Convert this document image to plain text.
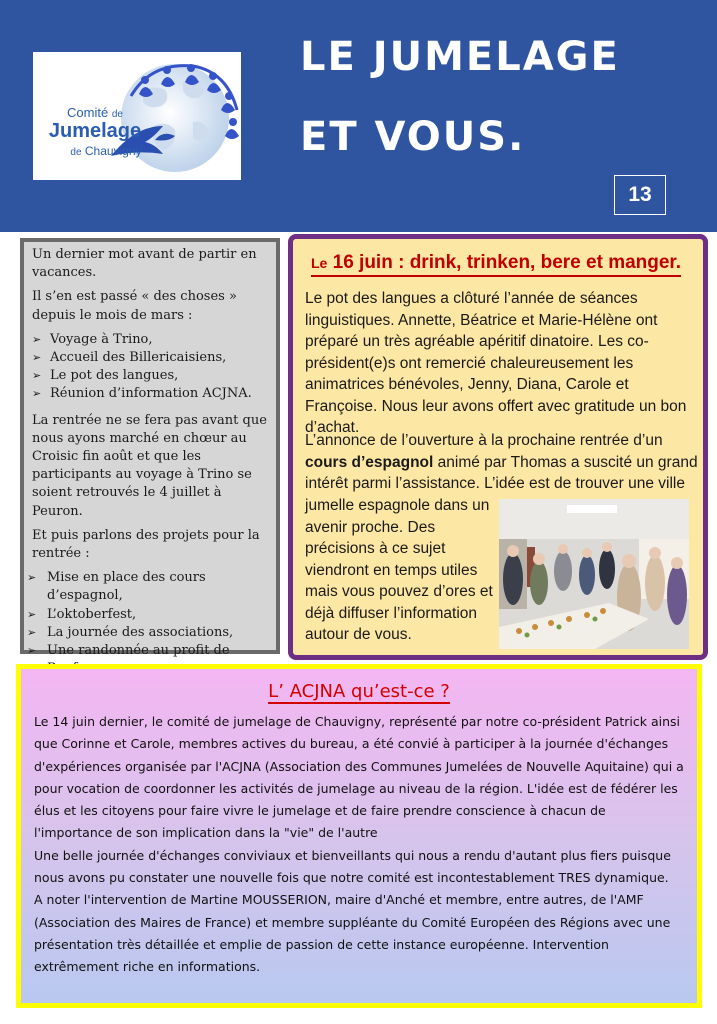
Comité de
Jumelage
de Chauvigny
LE JUMELAGE
ET VOUS.
13

Un dernier mot avant de partir en vacances.

Il s’en est passé « des choses » depuis le mois de mars :

➢ Voyage à Trino,
➢ Accueil des Billericaisiens,
➢ Le pot des langues,
➢ Réunion d’information ACJNA.

La rentrée ne se fera pas avant que nous ayons marché en chœur au Croisic fin août et que les participants au voyage à Trino se soient retrouvés le 4 juillet à Peuron.

Et puis parlons des projets pour la rentrée :

➢ Mise en place des cours d’espagnol,
➢ L’oktoberfest,
➢ La journée des associations,
➢ Une randonnée au profit de
Le 16 juin : drink, trinken, bere et manger.

Le pot des langues a clôturé l’année de séances linguistiques. Annette, Béatrice et Marie-Hélène ont préparé un très agréable apéritif dinatoire. Les co-président(e)s ont remercié chaleureusement les animatrices bénévoles, Jenny, Diana, Carole et Françoise. Nous leur avons offert avec gratitude un bon d’achat.

L’annonce de l’ouverture à la prochaine rentrée d’un cours d’espagnol animé par Thomas a suscité un grand intérêt parmi l’assistance. L’idée est de trouver une ville

jumelle espagnole dans un avenir proche. Des précisions à ce sujet viendront en temps utiles mais vous pouvez d’ores et déjà diffuser l’information autour de vous.

L’ ACJNA qu’est-ce ?
Le 14 juin dernier, le comité de jumelage de Chauvigny, représenté par notre co-président Patrick ainsi que Corinne et Carole, membres actives du bureau, a été convié à participer à la journée d'échanges d'expériences organisée par l'ACJNA (Association des Communes Jumelées de Nouvelle Aquitaine) qui a pour vocation de coordonner les activités de jumelage au niveau de la région. L'idée est de fédérer les élus et les citoyens pour faire vivre le jumelage et de faire prendre conscience à chacun de l'importance de son implication dans la "vie" de l'autre
Une belle journée d'échanges conviviaux et bienveillants qui nous a rendu d'autant plus fiers puisque nous avons pu constater une nouvelle fois que notre comité est incontestablement TRES dynamique.
A noter l'intervention de Martine MOUSSERION, maire d'Anché et membre, entre autres, de l'AMF (Association des Maires de France) et membre suppléante du Comité Européen des Régions avec une présentation très détaillée et emplie de passion de cette instance européenne. Intervention extrêmement riche en informations.
